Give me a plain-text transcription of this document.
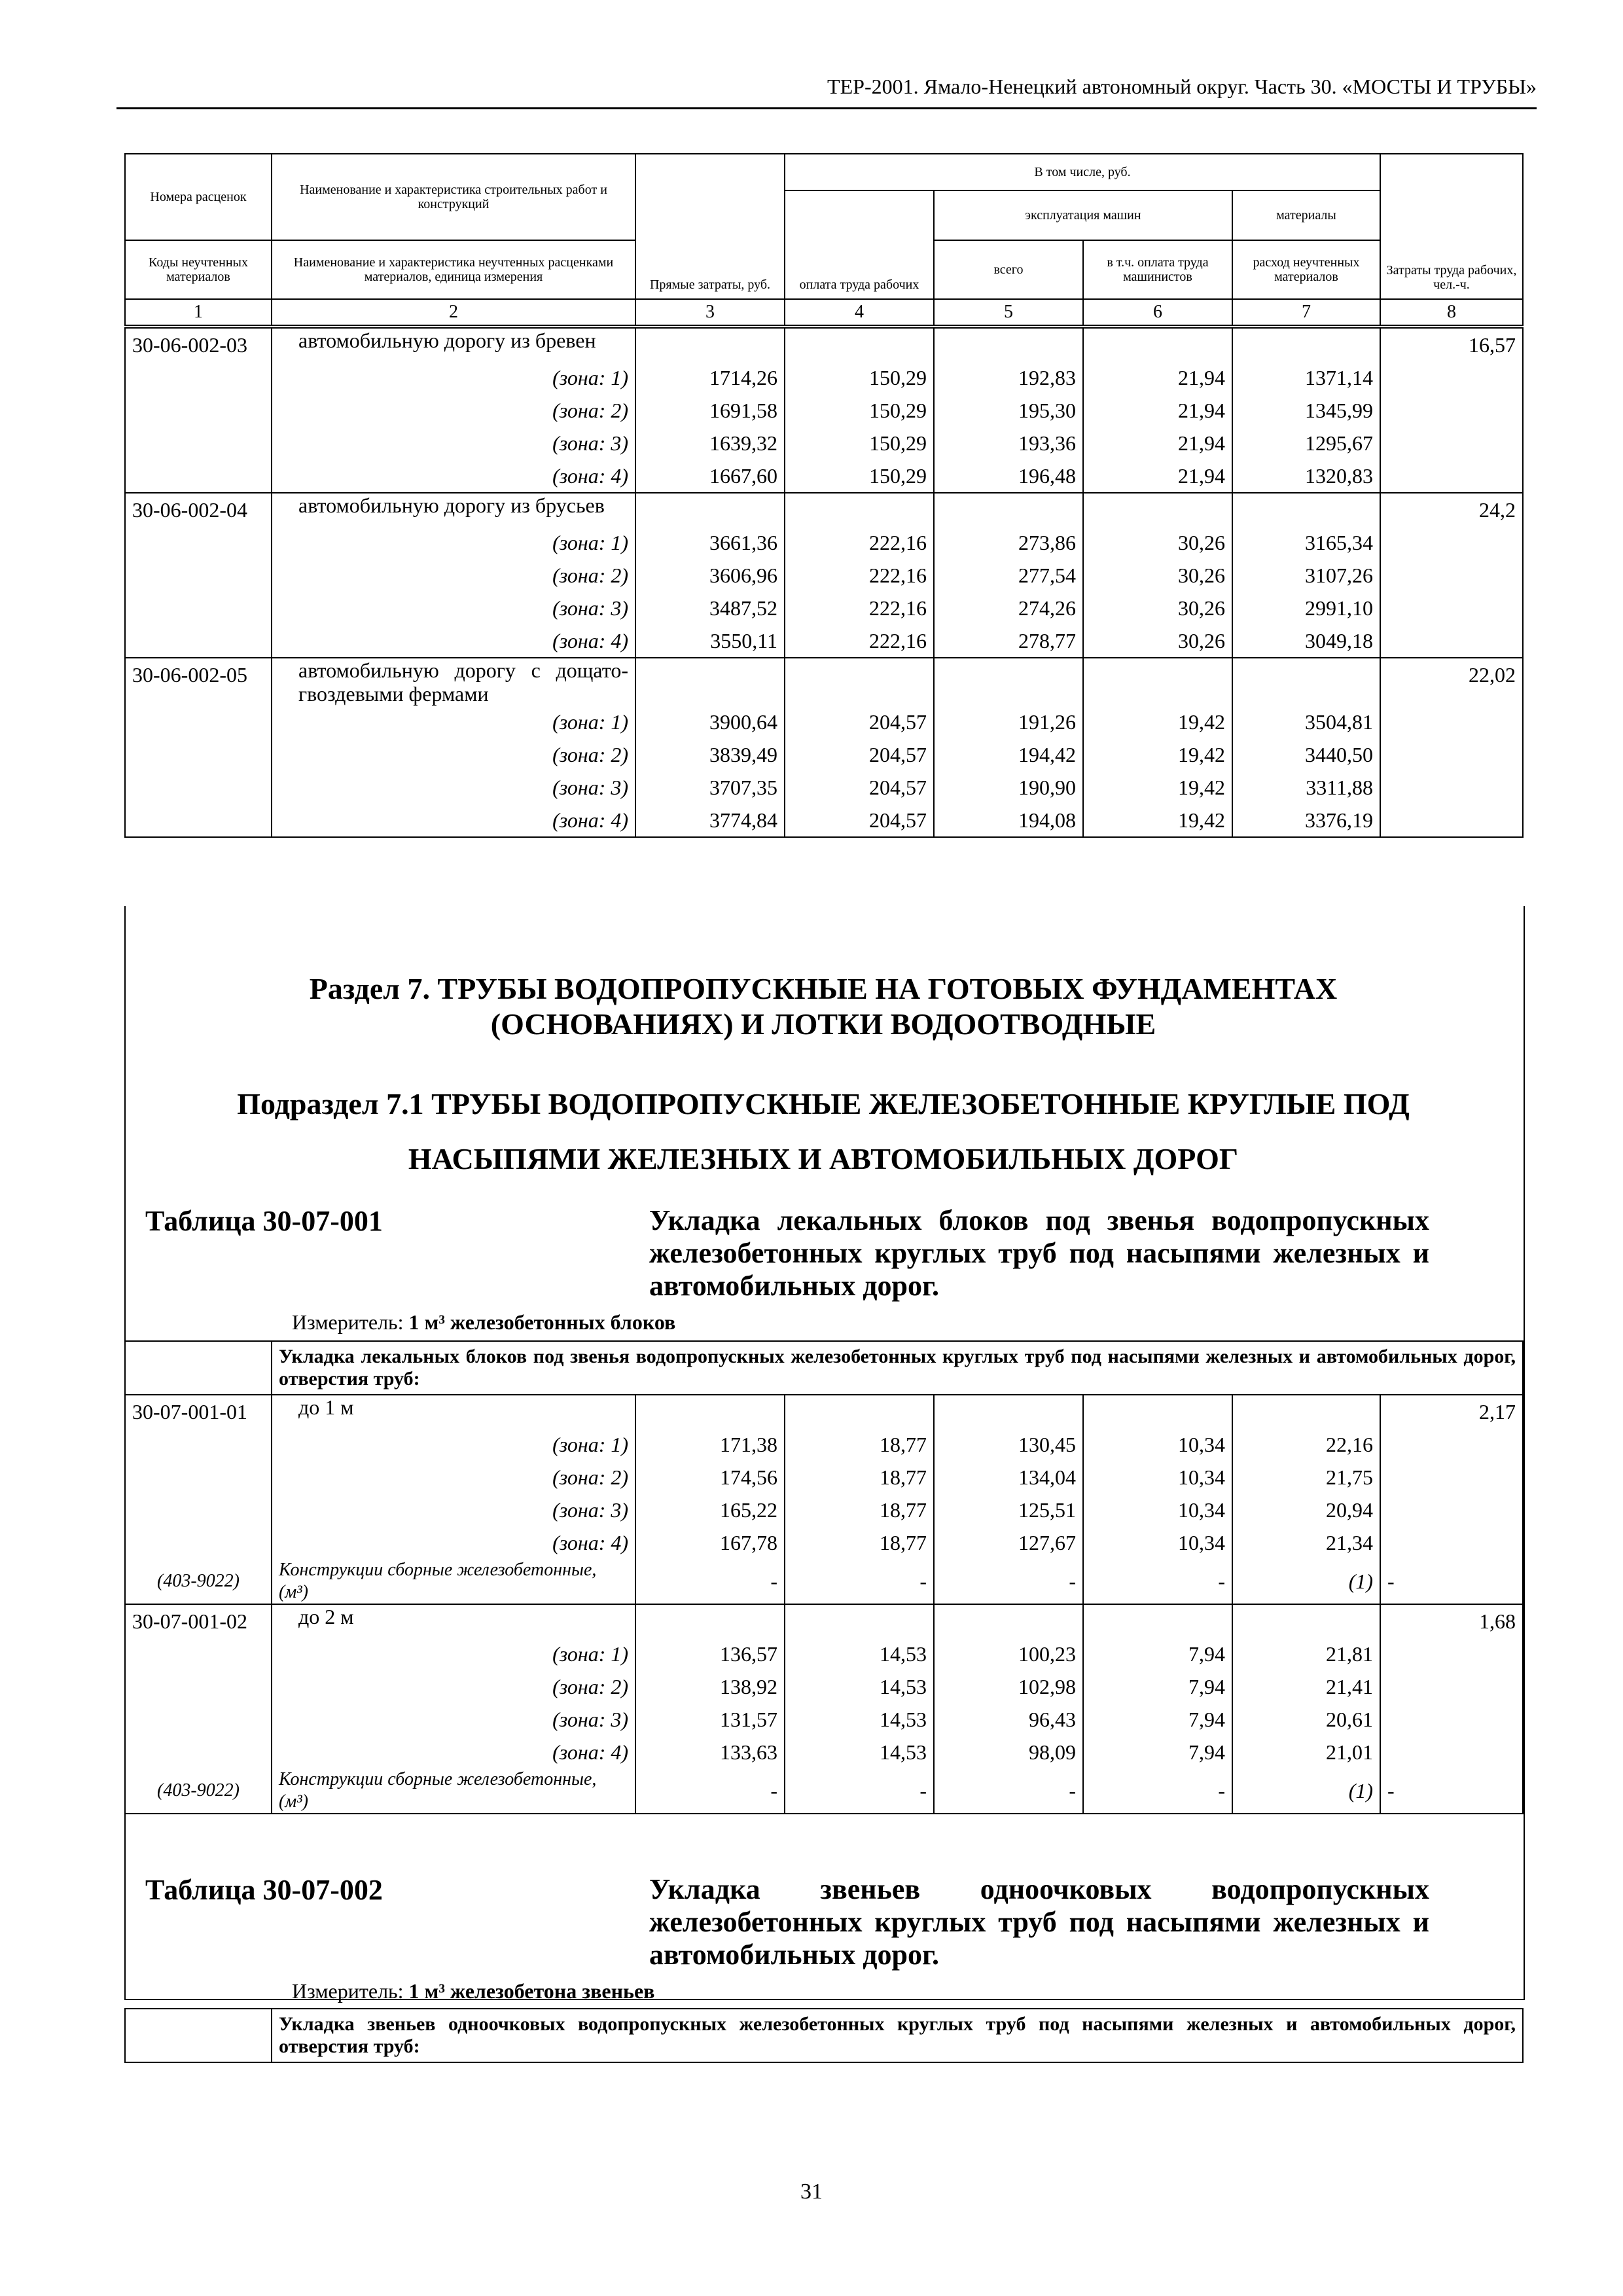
ТЕР-2001. Ямало-Ненецкий автономный округ. Часть 30. «МОСТЫ И ТРУБЫ»
Номера расценок	Наименование и характеристика строительных работ и конструкций	Прямые затраты, руб.	В том числе, руб.				Затраты труда рабочих, чел.-ч.
			оплата труда рабочих	эксплуатация машин		материалы	
Коды неучтенных материалов	Наименование и характеристика неучтенных расценками материалов, единица измерения			всего	в т.ч. оплата труда машинистов	расход неучтенных материалов	
1	2	3	4	5	6	7	8
30-06-002-03	автомобильную дорогу из бревен						16,57
	(зона: 1)	1714,26	150,29	192,83	21,94	1371,14	
	(зона: 2)	1691,58	150,29	195,30	21,94	1345,99	
	(зона: 3)	1639,32	150,29	193,36	21,94	1295,67	
	(зона: 4)	1667,60	150,29	196,48	21,94	1320,83	
30-06-002-04	автомобильную дорогу из брусьев						24,2
	(зона: 1)	3661,36	222,16	273,86	30,26	3165,34	
	(зона: 2)	3606,96	222,16	277,54	30,26	3107,26	
	(зона: 3)	3487,52	222,16	274,26	30,26	2991,10	
	(зона: 4)	3550,11	222,16	278,77	30,26	3049,18	
30-06-002-05	автомобильную дорогу с дощато-гвоздевыми фермами						22,02
	(зона: 1)	3900,64	204,57	191,26	19,42	3504,81	
	(зона: 2)	3839,49	204,57	194,42	19,42	3440,50	
	(зона: 3)	3707,35	204,57	190,90	19,42	3311,88	
	(зона: 4)	3774,84	204,57	194,08	19,42	3376,19	
Раздел 7. ТРУБЫ ВОДОПРОПУСКНЫЕ НА ГОТОВЫХ ФУНДАМЕНТАХ
(ОСНОВАНИЯХ) И ЛОТКИ ВОДООТВОДНЫЕ
Подраздел 7.1 ТРУБЫ ВОДОПРОПУСКНЫЕ ЖЕЛЕЗОБЕТОННЫЕ КРУГЛЫЕ ПОД
НАСЫПЯМИ ЖЕЛЕЗНЫХ И АВТОМОБИЛЬНЫХ ДОРОГ
Таблица 30-07-001	Укладка лекальных блоков под звенья водопропускных железобетонных круглых труб под насыпями железных и автомобильных дорог.
Измеритель: 1 м³ железобетонных блоков
	Укладка лекальных блоков под звенья водопропускных железобетонных круглых труб под насыпями железных и автомобильных дорог, отверстия труб:						
30-07-001-01	до 1 м						2,17
	(зона: 1)	171,38	18,77	130,45	10,34	22,16	
	(зона: 2)	174,56	18,77	134,04	10,34	21,75	
	(зона: 3)	165,22	18,77	125,51	10,34	20,94	
	(зона: 4)	167,78	18,77	127,67	10,34	21,34	
(403-9022)	Конструкции сборные железобетонные, (м³)	-	-	-	-	(1)	-
30-07-001-02	до 2 м						1,68
	(зона: 1)	136,57	14,53	100,23	7,94	21,81	
	(зона: 2)	138,92	14,53	102,98	7,94	21,41	
	(зона: 3)	131,57	14,53	96,43	7,94	20,61	
	(зона: 4)	133,63	14,53	98,09	7,94	21,01	
(403-9022)	Конструкции сборные железобетонные, (м³)	-	-	-	-	(1)	-
Таблица 30-07-002	Укладка звеньев одноочковых водопропускных железобетонных круглых труб под насыпями железных и автомобильных дорог.
Измеритель: 1 м³ железобетона звеньев
	Укладка звеньев одноочковых водопропускных железобетонных круглых труб под насыпями железных и автомобильных дорог, отверстия труб:
31
